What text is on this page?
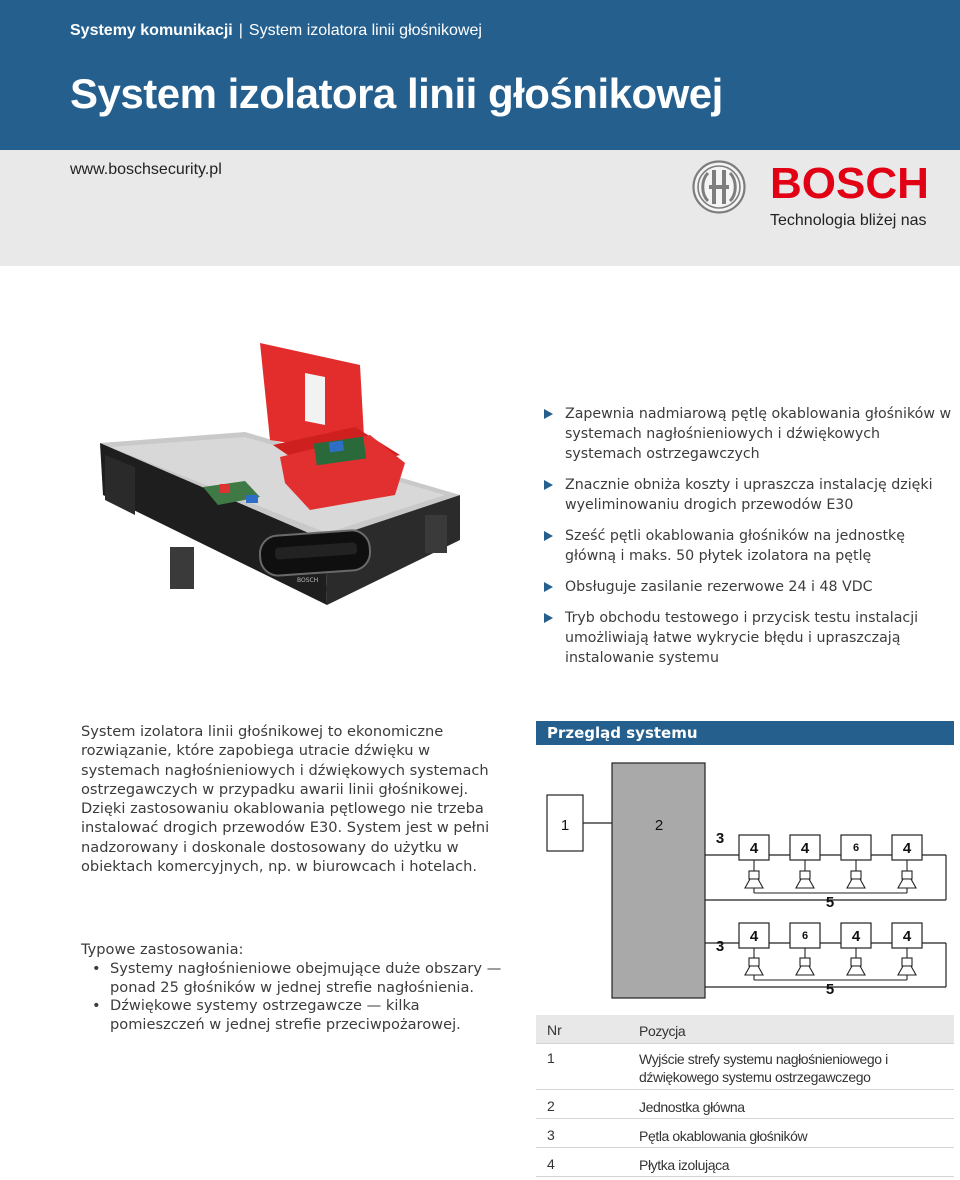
Systemy komunikacji | System izolatora linii głośnikowej
System izolatora linii głośnikowej
www.boschsecurity.pl	BOSCH
Technologia bliżej nas
BOSCH
Zapewnia nadmiarową pętlę okablowania głośników w systemach nagłośnieniowych i dźwiękowych systemach ostrzegawczych
Znacznie obniża koszty i upraszcza instalację dzięki wyeliminowaniu drogich przewodów E30
Sześć pętli okablowania głośników na jednostkę główną i maks. 50 płytek izolatora na pętlę
Obsługuje zasilanie rezerwowe 24 i 48 VDC
Tryb obchodu testowego i przycisk testu instalacji umożliwiają łatwe wykrycie błędu i upraszczają instalowanie systemu

System izolatora linii głośnikowej to ekonomiczne rozwiązanie, które zapobiega utracie dźwięku w systemach nagłośnieniowych i dźwiękowych systemach ostrzegawczych w przypadku awarii linii głośnikowej.

Dzięki zastosowaniu okablowania pętlowego nie trzeba instalować drogich przewodów E30. System jest w pełni nadzorowany i doskonale dostosowany do użytku w obiektach komercyjnych, np. w biurowcach i hotelach.

Typowe zastosowania:
• Systemy nagłośnieniowe obejmujące duże obszary — ponad 25 głośników w jednej strefie nagłośnienia.
• Dźwiękowe systemy ostrzegawcze — kilka pomieszczeń w jednej strefie przeciwpożarowej.
Przegląd systemu
1	2
3
4	4	6	4
5
3
4	6	4	4
5
Nr	Pozycja
1	Wyjście strefy systemu nagłośnieniowego i dźwiękowego systemu ostrzegawczego
2	Jednostka główna
3	Pętla okablowania głośników
4	Płytka izolująca
